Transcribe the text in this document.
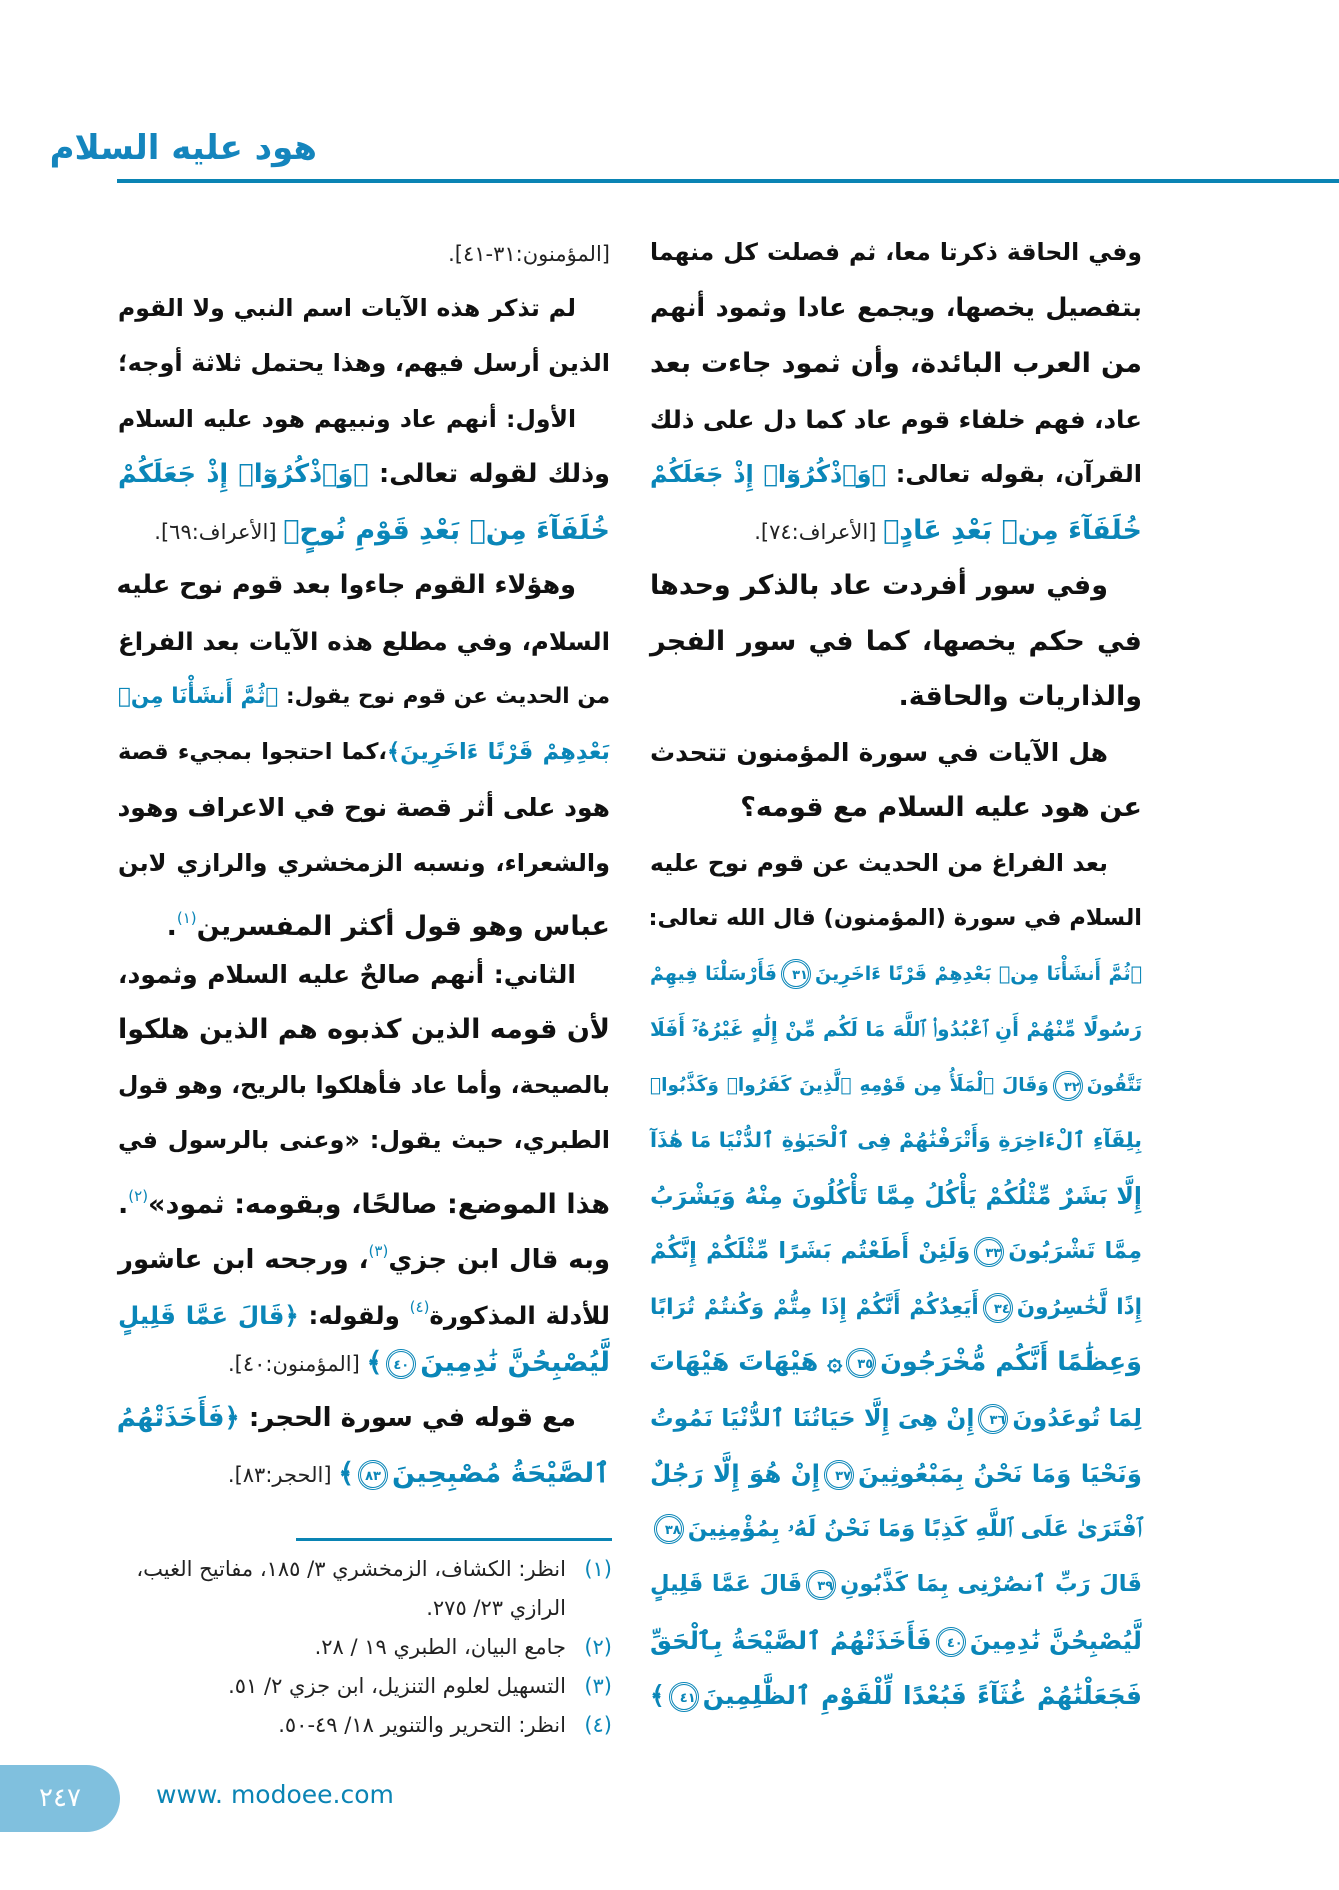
هود عليه السلام
وفي الحاقة ذكرتا معا، ثم فصلت كل منهما
بتفصيل يخصها، ويجمع عادا وثمود أنهم
من العرب البائدة، وأن ثمود جاءت بعد
عاد، فهم خلفاء قوم عاد كما دل على ذلك
القرآن، بقوله تعالى: ﴿وَٱذْكُرُوٓا۟ إِذْ جَعَلَكُمْ
خُلَفَآءَ مِنۢ بَعْدِ عَادٍ﴾ [الأعراف:٧٤].
وفي سور أفردت عاد بالذكر وحدها
في حكم يخصها، كما في سور الفجر
والذاريات والحاقة.
هل الآيات في سورة المؤمنون تتحدث
عن هود عليه السلام مع قومه؟
بعد الفراغ من الحديث عن قوم نوح عليه
السلام في سورة (المؤمنون) قال الله تعالى:
﴿ثُمَّ أَنشَأْنَا مِنۢ بَعْدِهِمْ قَرْنًا ءَاخَرِينَ٣١فَأَرْسَلْنَا فِيهِمْ
رَسُولًا مِّنْهُمْ أَنِ ٱعْبُدُوا۟ ٱللَّهَ مَا لَكُم مِّنْ إِلَٰهٍ غَيْرُهُۥٓ أَفَلَا
تَتَّقُونَ٣٢وَقَالَ ٱلْمَلَأُ مِن قَوْمِهِ ٱلَّذِينَ كَفَرُوا۟ وَكَذَّبُوا۟
بِلِقَآءِ ٱلْءَاخِرَةِ وَأَتْرَفْنَٰهُمْ فِى ٱلْحَيَوٰةِ ٱلدُّنْيَا مَا هَٰذَآ
إِلَّا بَشَرٌ مِّثْلُكُمْ يَأْكُلُ مِمَّا تَأْكُلُونَ مِنْهُ وَيَشْرَبُ
مِمَّا تَشْرَبُونَ٣٣وَلَئِنْ أَطَعْتُم بَشَرًا مِّثْلَكُمْ إِنَّكُمْ
إِذًا لَّخَٰسِرُونَ٣٤أَيَعِدُكُمْ أَنَّكُمْ إِذَا مِتُّمْ وَكُنتُمْ تُرَابًا
وَعِظَٰمًا أَنَّكُم مُّخْرَجُونَ٣٥۞ هَيْهَاتَ هَيْهَاتَ
لِمَا تُوعَدُونَ٣٦إِنْ هِىَ إِلَّا حَيَاتُنَا ٱلدُّنْيَا نَمُوتُ
وَنَحْيَا وَمَا نَحْنُ بِمَبْعُوثِينَ٣٧إِنْ هُوَ إِلَّا رَجُلٌ
ٱفْتَرَىٰ عَلَى ٱللَّهِ كَذِبًا وَمَا نَحْنُ لَهُۥ بِمُؤْمِنِينَ٣٨
قَالَ رَبِّ ٱنصُرْنِى بِمَا كَذَّبُونِ٣٩قَالَ عَمَّا قَلِيلٍ
لَّيُصْبِحُنَّ نَٰدِمِينَ٤٠فَأَخَذَتْهُمُ ٱلصَّيْحَةُ بِٱلْحَقِّ
فَجَعَلْنَٰهُمْ غُثَآءً فَبُعْدًا لِّلْقَوْمِ ٱلظَّٰلِمِينَ٤١﴾
[المؤمنون:٣١-٤١].
لم تذكر هذه الآيات اسم النبي ولا القوم
الذين أرسل فيهم، وهذا يحتمل ثلاثة أوجه؛
الأول: أنهم عاد ونبيهم هود عليه السلام
وذلك لقوله تعالى: ﴿وَٱذْكُرُوٓا۟ إِذْ جَعَلَكُمْ
خُلَفَآءَ مِنۢ بَعْدِ قَوْمِ نُوحٍ﴾ [الأعراف:٦٩].
وهؤلاء القوم جاءوا بعد قوم نوح عليه
السلام، وفي مطلع هذه الآيات بعد الفراغ
من الحديث عن قوم نوح يقول: ﴿ثُمَّ أَنشَأْنَا مِنۢ
بَعْدِهِمْ قَرْنًا ءَاخَرِينَ﴾،كما احتجوا بمجيء قصة
هود على أثر قصة نوح في الاعراف وهود
والشعراء، ونسبه الزمخشري والرازي لابن
عباس وهو قول أكثر المفسرين$^{(١)}$.
الثاني: أنهم صالحٌ عليه السلام وثمود،
لأن قومه الذين كذبوه هم الذين هلكوا
بالصيحة، وأما عاد فأهلكوا بالريح، وهو قول
الطبري، حيث يقول: «وعنى بالرسول في
هذا الموضع: صالحًا، وبقومه: ثمود»$^{(٢)}$.
وبه قال ابن جزي$^{(٣)}$، ورجحه ابن عاشور
للأدلة المذكورة$^{(٤)}$ ولقوله: ﴿قَالَ عَمَّا قَلِيلٍ
لَّيُصْبِحُنَّ نَٰدِمِينَ٤٠﴾ [المؤمنون:٤٠].
مع قوله في سورة الحجر: ﴿فَأَخَذَتْهُمُ
ٱلصَّيْحَةُ مُصْبِحِينَ٨٣﴾ [الحجر:٨٣].
(١)
انظر: الكشاف، الزمخشري ٣/ ١٨٥، مفاتيح الغيب، الرازي ٢٣/ ٢٧٥.
(٢)
جامع البيان، الطبري ١٩ / ٢٨.
(٣)
التسهيل لعلوم التنزيل، ابن جزي ٢/ ٥١.
(٤)
انظر: التحرير والتنوير ١٨/ ٤٩-٥٠.
٢٤٧	www. modoee.com
